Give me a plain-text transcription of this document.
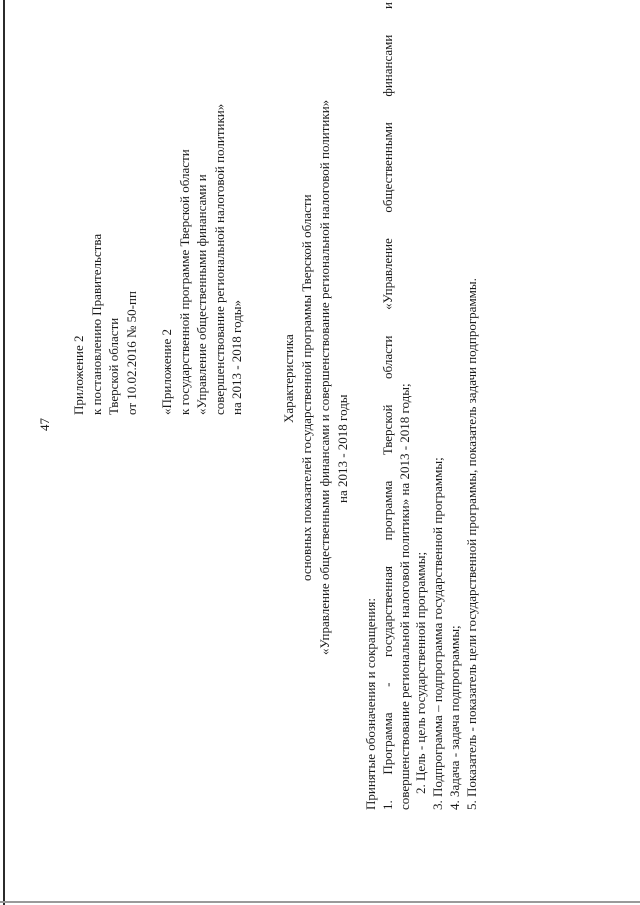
47
Приложение 2 к постановлению Правительства Тверской области от 10.02.2016 № 50-пп «Приложение 2 к государственной программе Тверской области «Управление общественными финансами и совершенствование региональной налоговой политики» на 2013 - 2018 годы»	Характеристика основных показателей государственной программы Тверской области «Управление общественными финансами и совершенствование региональной налоговой политики» на 2013 - 2018 годы
Принятые обозначения и сокращения: 1.
Программа
-
государственная
программа
Тверской
области
«Управление
общественными
финансами
и
совершенствование региональной налоговой политики» на 2013 - 2018 годы; 2. Цель - цель государственной программы; 3. Подпрограмма – подпрограмма государственной программы; 4. Задача - задача подпрограммы; 5. Показатель - показатель цели государственной программы, показатель задачи подпрограммы.
